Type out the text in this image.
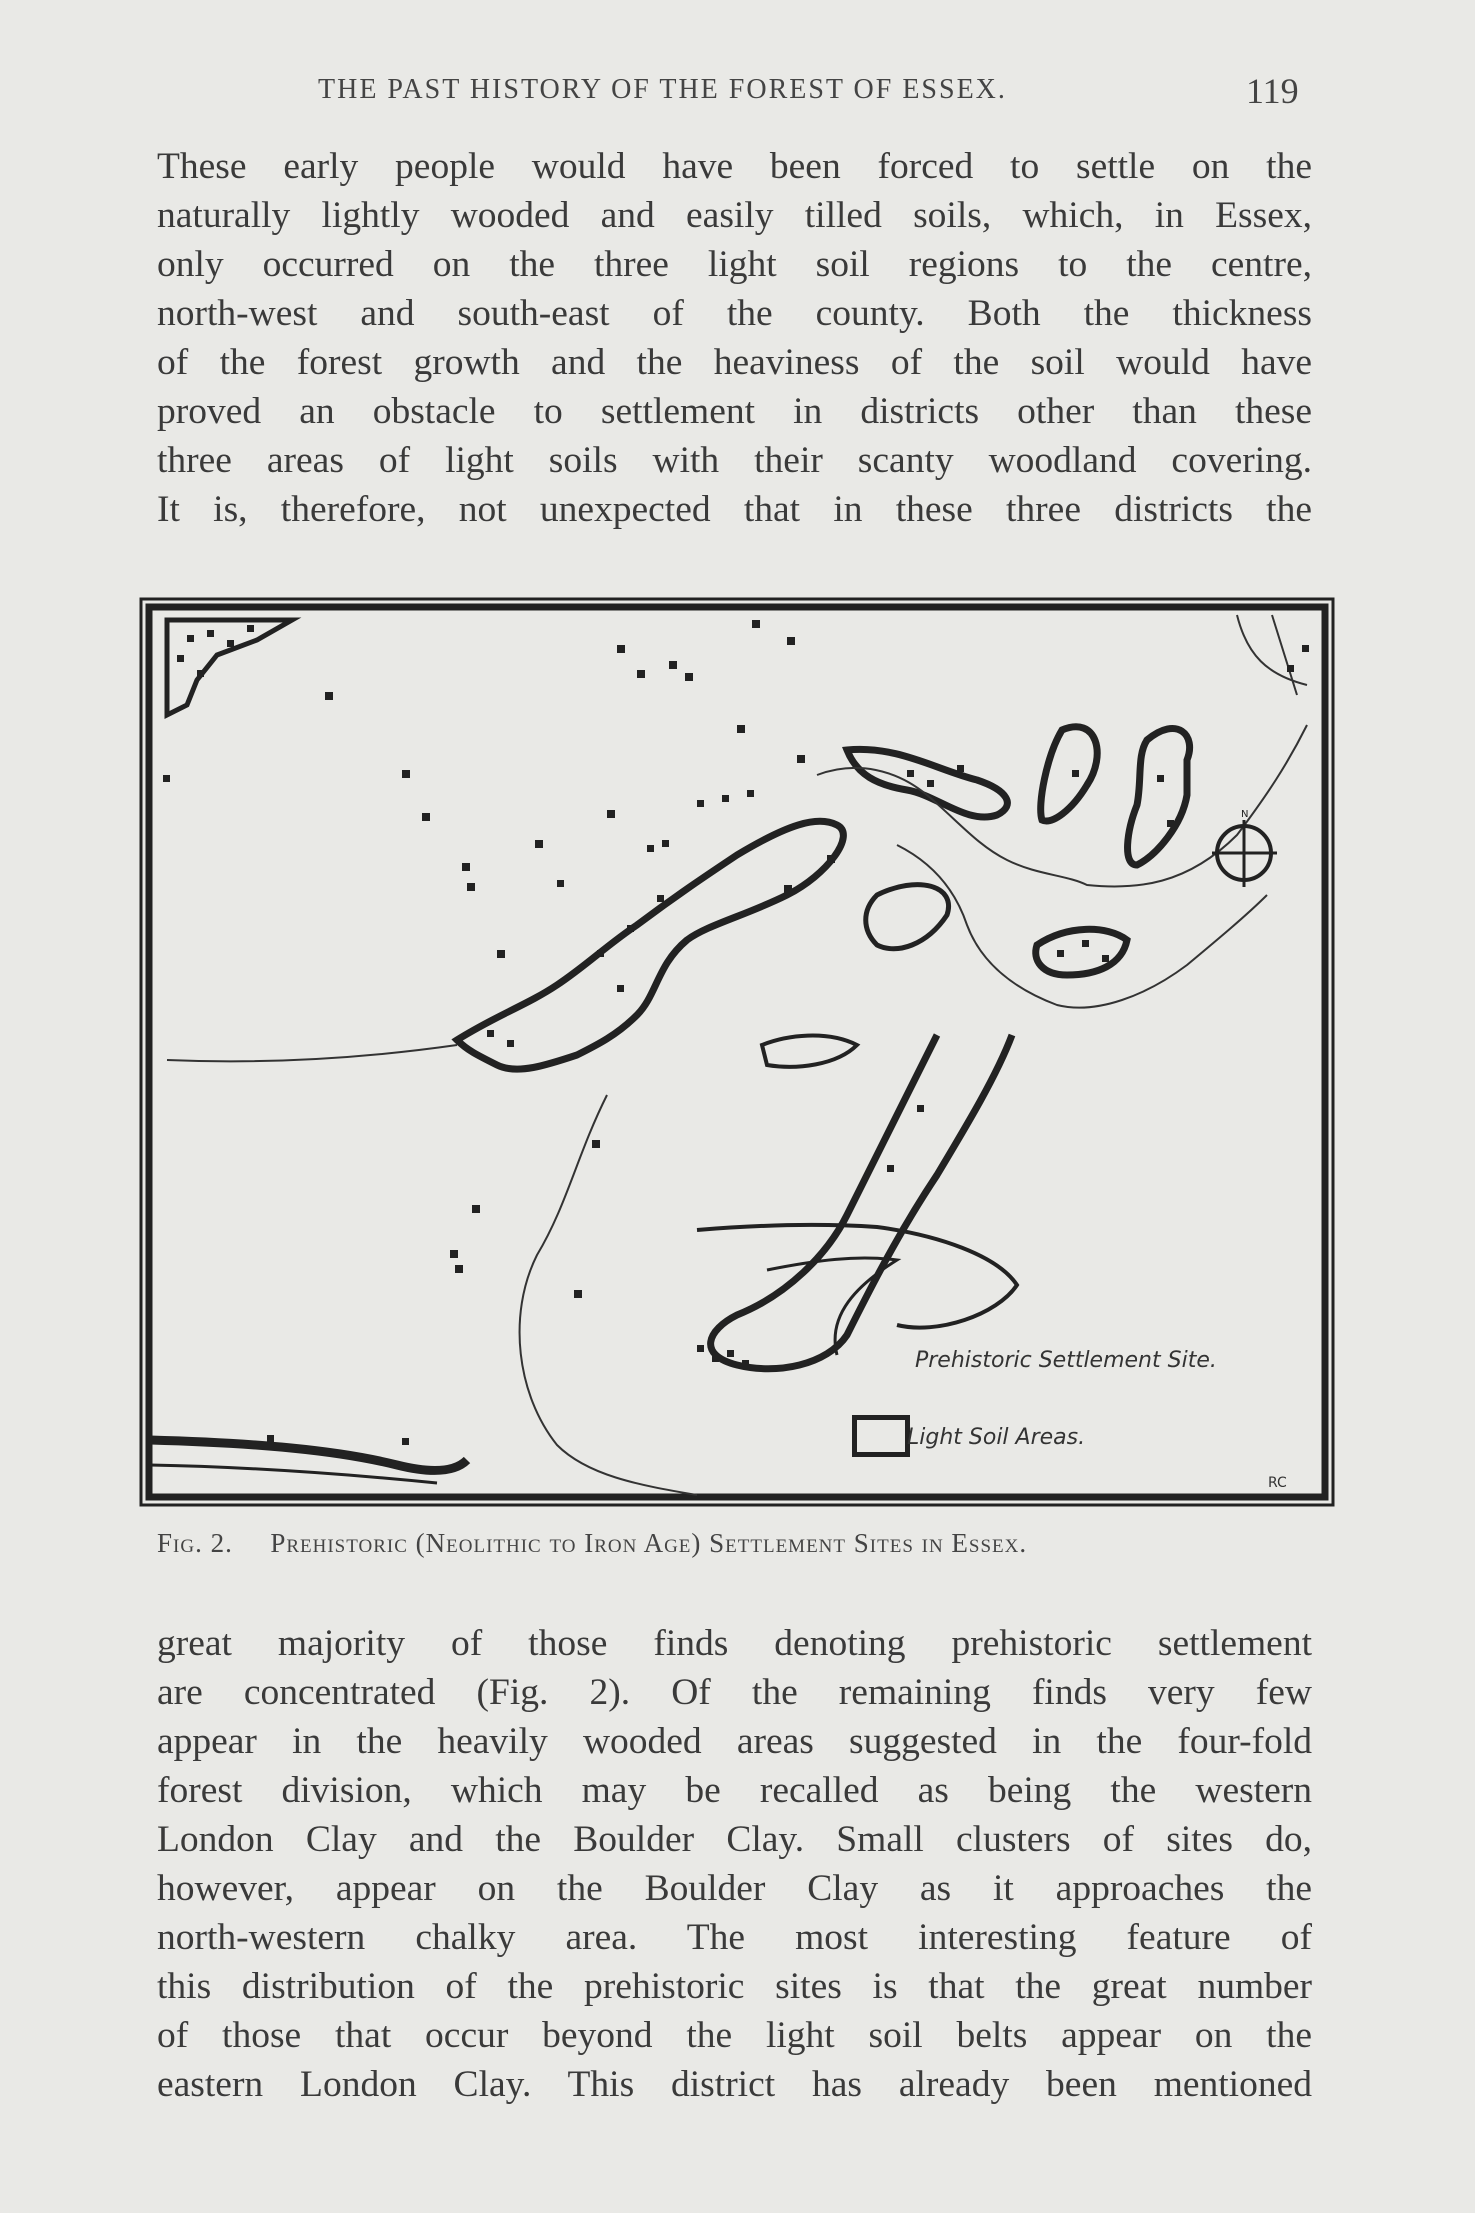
THE PAST HISTORY OF THE FOREST OF ESSEX.	119
These early people would have been forced to settle on the
naturally lightly wooded and easily tilled soils, which, in Essex,
only occurred on the three light soil regions to the centre,
north-west and south-east of the county. Both the thickness
of the forest growth and the heaviness of the soil would have
proved an obstacle to settlement in districts other than these
three areas of light soils with their scanty woodland covering.
It is, therefore, not unexpected that in these three districts the
N
Prehistoric Settlement Site.
Light Soil Areas.
RC
Fig. 2. Prehistoric (Neolithic to Iron Age) Settlement Sites in Essex.
great majority of those finds denoting prehistoric settlement
are concentrated (Fig. 2). Of the remaining finds very few
appear in the heavily wooded areas suggested in the four-fold
forest division, which may be recalled as being the western
London Clay and the Boulder Clay. Small clusters of sites do,
however, appear on the Boulder Clay as it approaches the
north-western chalky area. The most interesting feature of
this distribution of the prehistoric sites is that the great number
of those that occur beyond the light soil belts appear on the
eastern London Clay. This district has already been mentioned
